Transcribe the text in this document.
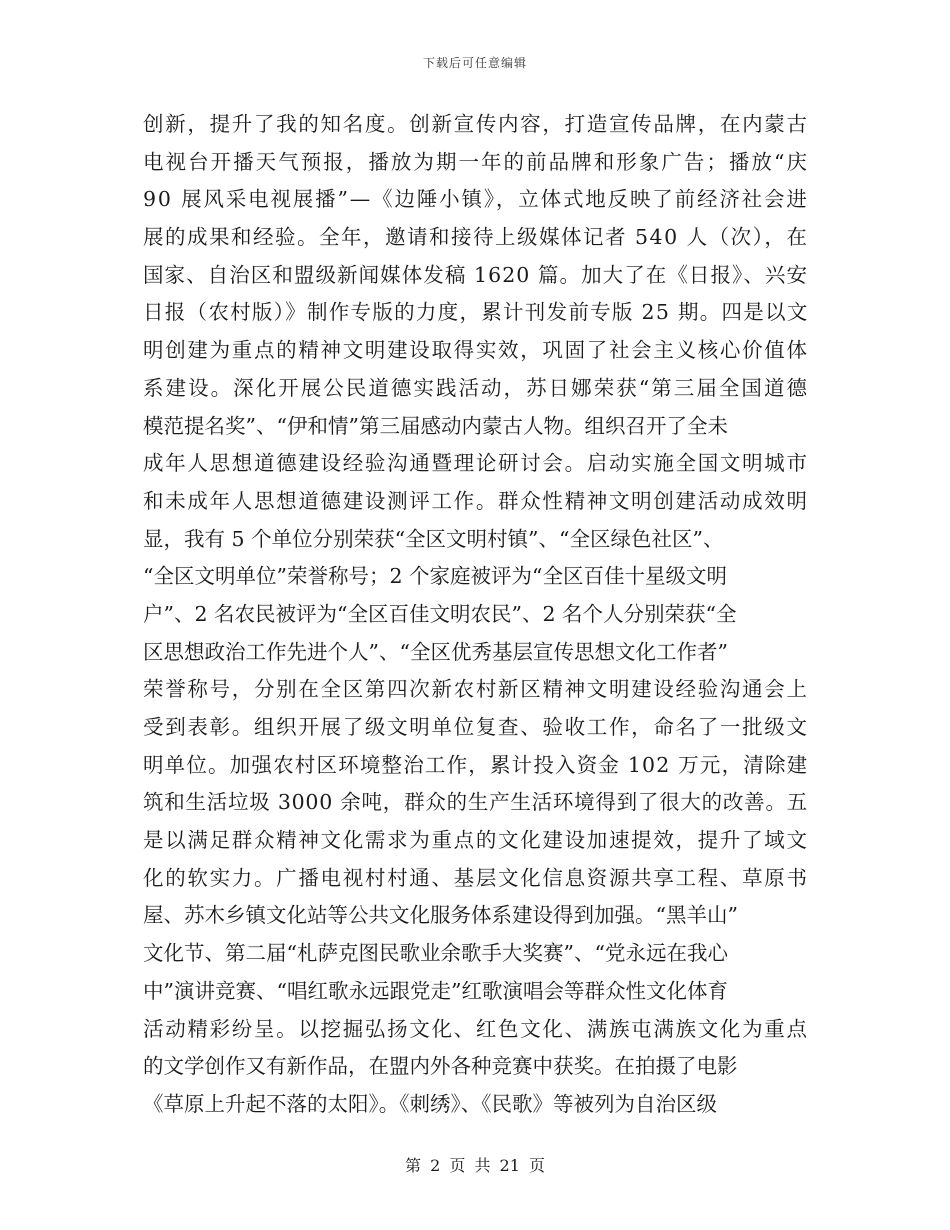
下载后可任意编辑
创新，提升了我的知名度。创新宣传内容，打造宣传品牌，在内蒙古
电视台开播天气预报，播放为期一年的前品牌和形象广告；播放“庆
90 展风采电视展播”—《边陲小镇》，立体式地反映了前经济社会进
展的成果和经验。全年，邀请和接待上级媒体记者 540 人（次），在
国家、自治区和盟级新闻媒体发稿 1620 篇。加大了在《日报》、兴安
日报（农村版）》制作专版的力度，累计刊发前专版 25 期。四是以文
明创建为重点的精神文明建设取得实效，巩固了社会主义核心价值体
系建设。深化开展公民道德实践活动，苏日娜荣获“第三届全国道德
模范提名奖”、“伊和情”第三届感动内蒙古人物。组织召开了全未
成年人思想道德建设经验沟通暨理论研讨会。启动实施全国文明城市
和未成年人思想道德建设测评工作。群众性精神文明创建活动成效明
显，我有 5 个单位分别荣获“全区文明村镇”、“全区绿色社区”、
“全区文明单位”荣誉称号；2 个家庭被评为“全区百佳十星级文明
户”、2 名农民被评为“全区百佳文明农民”、2 名个人分别荣获“全
区思想政治工作先进个人”、“全区优秀基层宣传思想文化工作者”
荣誉称号，分别在全区第四次新农村新区精神文明建设经验沟通会上
受到表彰。组织开展了级文明单位复查、验收工作，命名了一批级文
明单位。加强农村区环境整治工作，累计投入资金 102 万元，清除建
筑和生活垃圾 3000 余吨，群众的生产生活环境得到了很大的改善。五
是以满足群众精神文化需求为重点的文化建设加速提效，提升了域文
化的软实力。广播电视村村通、基层文化信息资源共享工程、草原书
屋、苏木乡镇文化站等公共文化服务体系建设得到加强。“黑羊山”
文化节、第二届“札萨克图民歌业余歌手大奖赛”、“党永远在我心
中”演讲竞赛、“唱红歌永远跟党走”红歌演唱会等群众性文化体育
活动精彩纷呈。以挖掘弘扬文化、红色文化、满族屯满族文化为重点
的文学创作又有新作品，在盟内外各种竞赛中获奖。在拍摄了电影
《草原上升起不落的太阳》。《刺绣》、《民歌》等被列为自治区级
第 2 页 共 21 页
